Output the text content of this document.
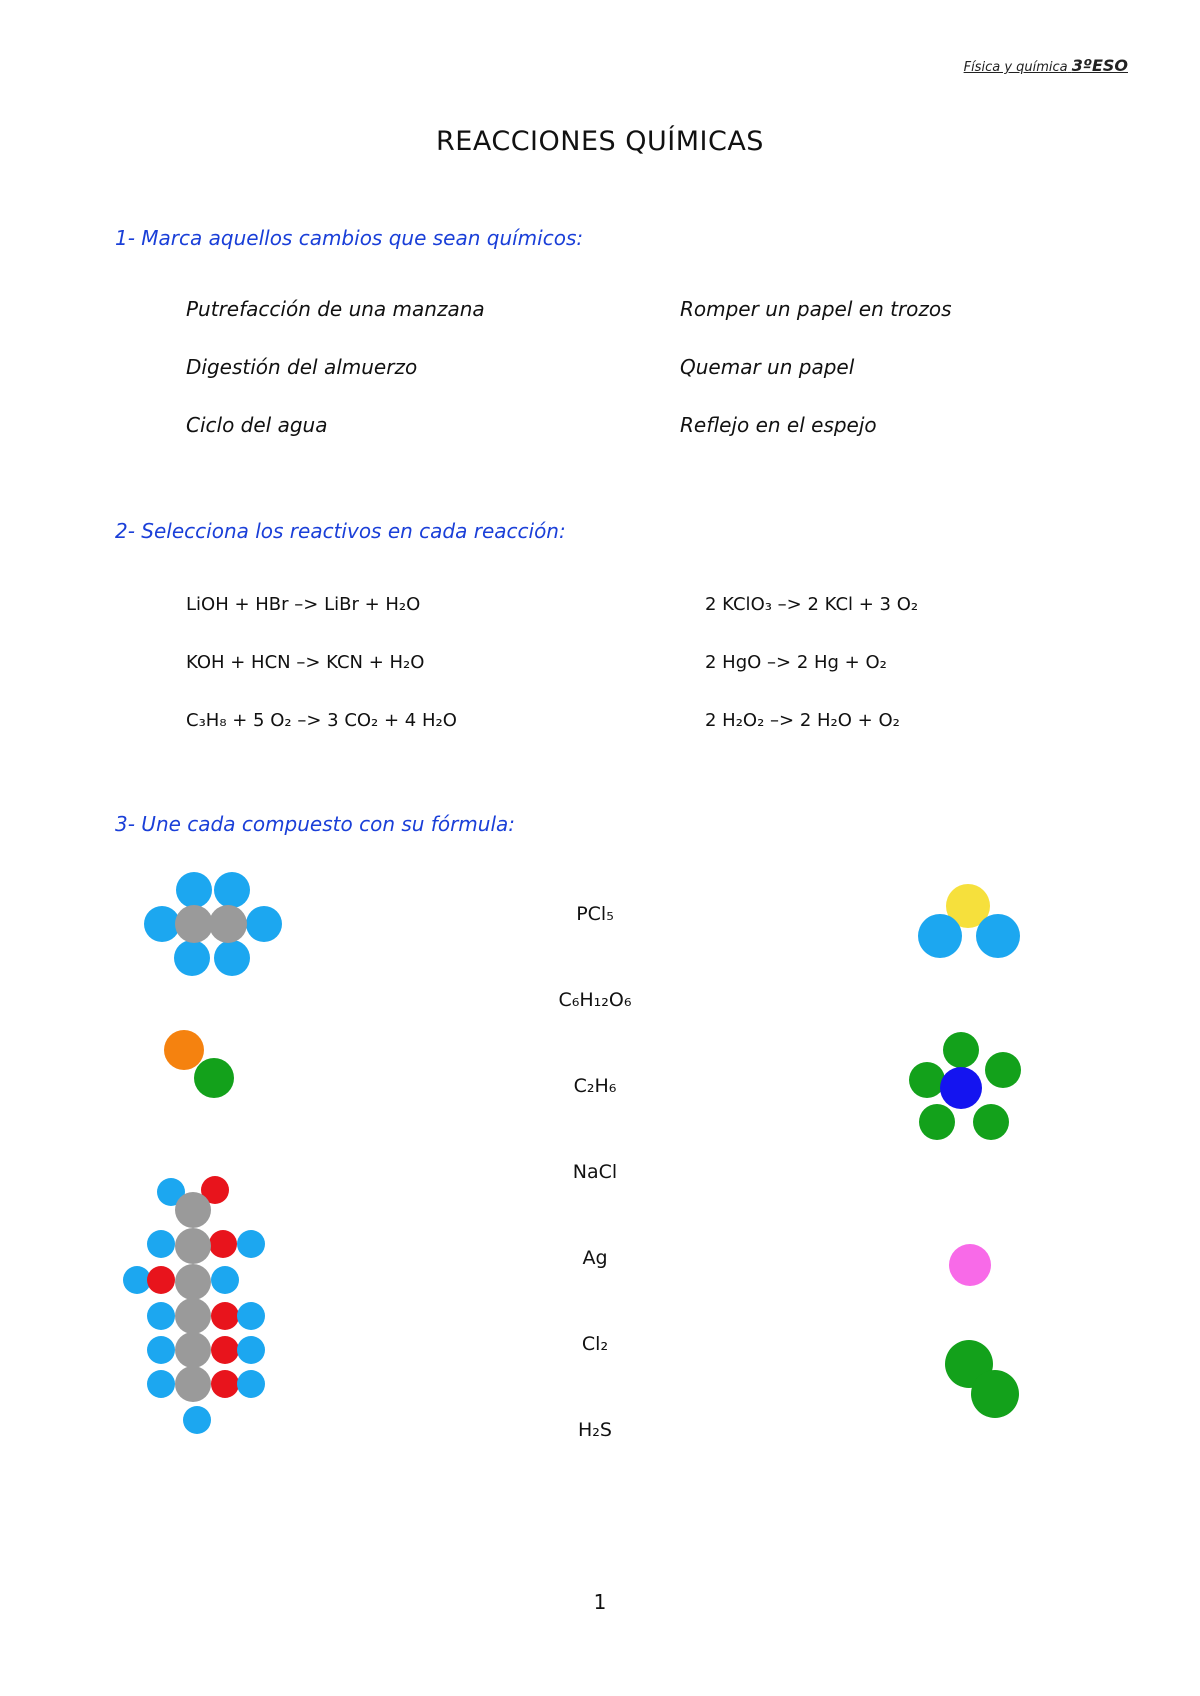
Física y química 3ºESO
REACCIONES QUÍMICAS
1- Marca aquellos cambios que sean químicos:
Putrefacción de una manzana	Romper un papel en trozos
Digestión del almuerzo	Quemar un papel
Ciclo del agua	Reflejo en el espejo
2- Selecciona los reactivos en cada reacción:
LiOH + HBr –> LiBr + H₂O	2 KClO₃ –> 2 KCl + 3 O₂
KOH + HCN –> KCN + H₂O	2 HgO –> 2 Hg + O₂
C₃H₈ + 5 O₂ –> 3 CO₂ + 4 H₂O	2 H₂O₂ –> 2 H₂O + O₂
3- Une cada compuesto con su fórmula:
PCl₅
C₆H₁₂O₆
C₂H₆
NaCl
Ag
Cl₂
H₂S
1
